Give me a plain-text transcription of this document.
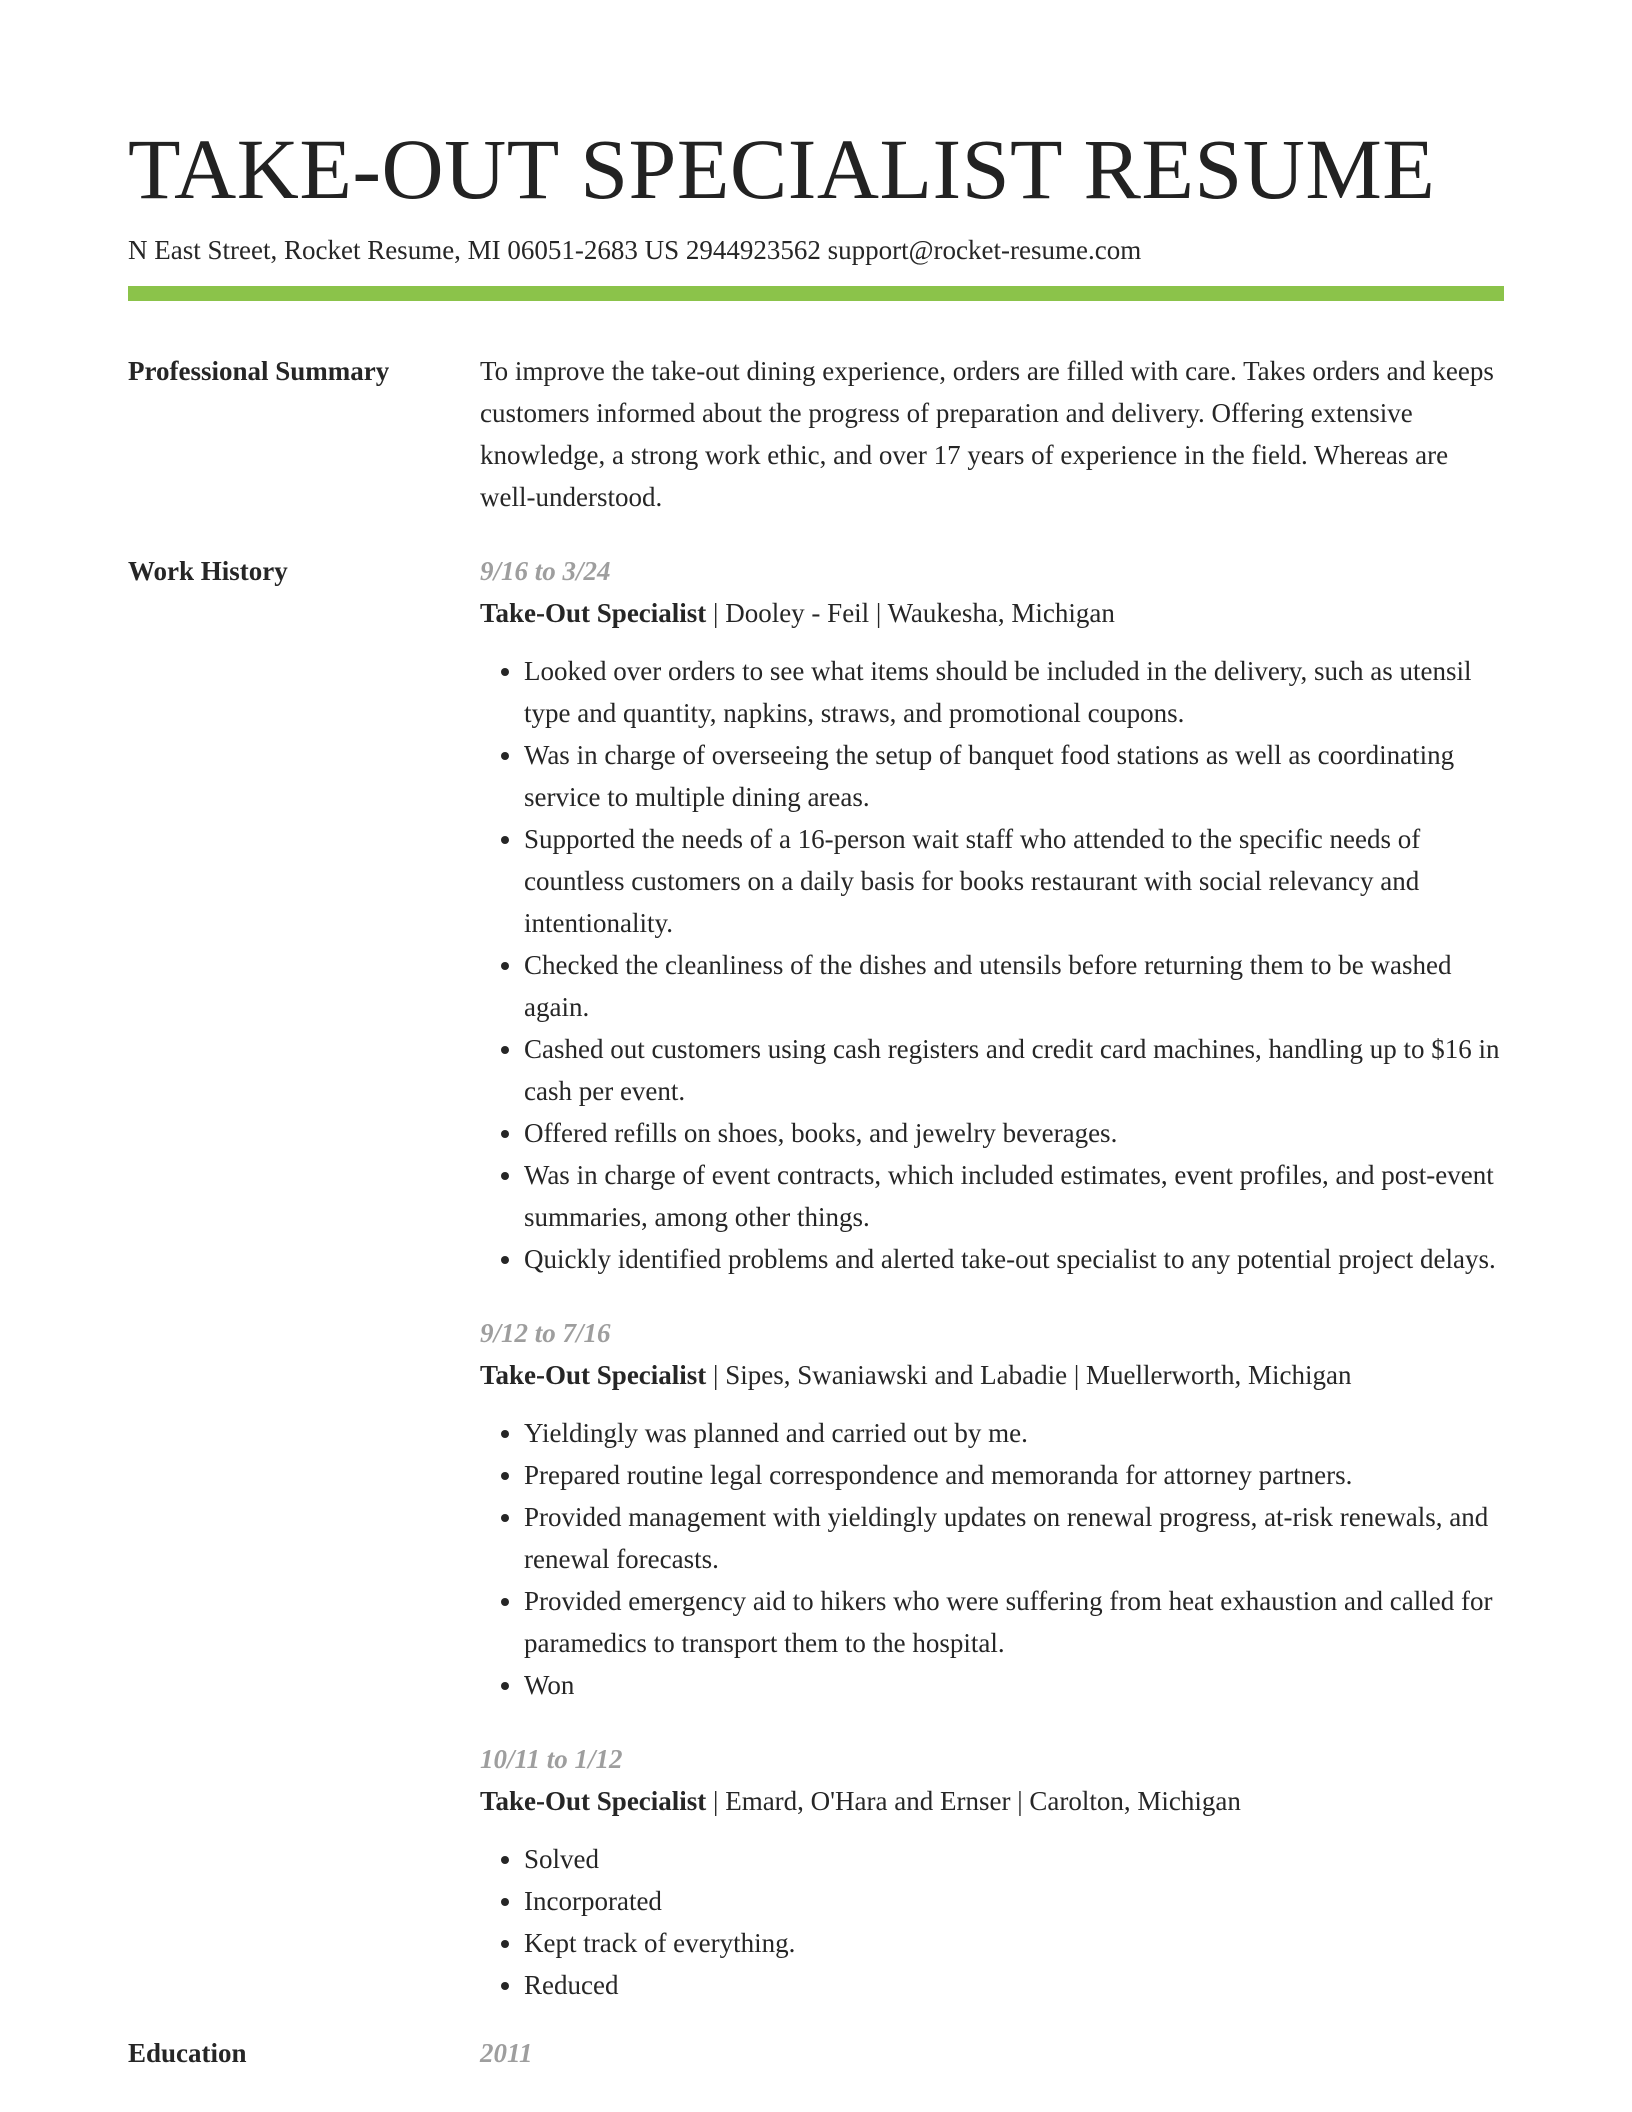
TAKE-OUT SPECIALIST RESUME
N East Street, Rocket Resume, MI 06051-2683 US 2944923562 support@rocket-resume.com
Professional Summary	To improve the take-out dining experience, orders are filled with care. Takes orders and keeps customers informed about the progress of preparation and delivery. Offering extensive knowledge, a strong work ethic, and over 17 years of experience in the field. Whereas are well-understood.

Work History	9/16 to 3/24
Take-Out Specialist | Dooley - Feil | Waukesha, Michigan
• Looked over orders to see what items should be included in the delivery, such as utensil type and quantity, napkins, straws, and promotional coupons.
• Was in charge of overseeing the setup of banquet food stations as well as coordinating service to multiple dining areas.
• Supported the needs of a 16-person wait staff who attended to the specific needs of countless customers on a daily basis for books restaurant with social relevancy and intentionality.
• Checked the cleanliness of the dishes and utensils before returning them to be washed again.
• Cashed out customers using cash registers and credit card machines, handling up to $16 in cash per event.
• Offered refills on shoes, books, and jewelry beverages.
• Was in charge of event contracts, which included estimates, event profiles, and post-event summaries, among other things.
• Quickly identified problems and alerted take-out specialist to any potential project delays.
9/12 to 7/16
Take-Out Specialist | Sipes, Swaniawski and Labadie | Muellerworth, Michigan
• Yieldingly was planned and carried out by me.
• Prepared routine legal correspondence and memoranda for attorney partners.
• Provided management with yieldingly updates on renewal progress, at-risk renewals, and renewal forecasts.
• Provided emergency aid to hikers who were suffering from heat exhaustion and called for paramedics to transport them to the hospital.
• Won
10/11 to 1/12
Take-Out Specialist | Emard, O'Hara and Ernser | Carolton, Michigan
• Solved
• Incorporated
• Kept track of everything.
• Reduced
Education	2011
